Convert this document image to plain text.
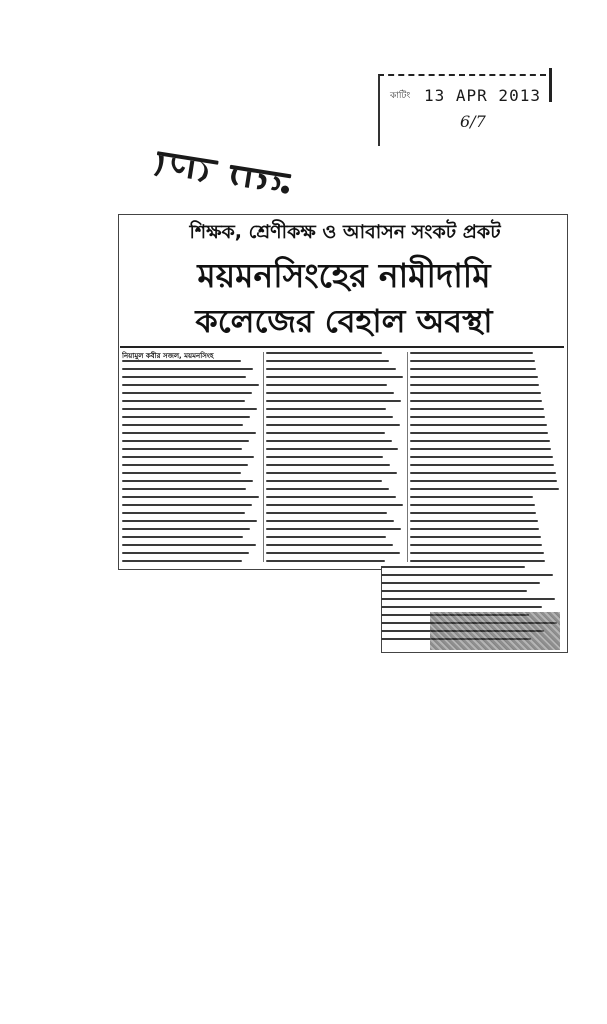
কাটিং 13 APR 2013
6/7
প্রথম আলো
শিক্ষক, শ্রেণীকক্ষ ও আবাসন সংকট প্রকট
ময়মনসিংহের নামীদামি
কলেজের বেহাল অবস্থা
নিয়ামুল কবীর সজল, ময়মনসিংহ
